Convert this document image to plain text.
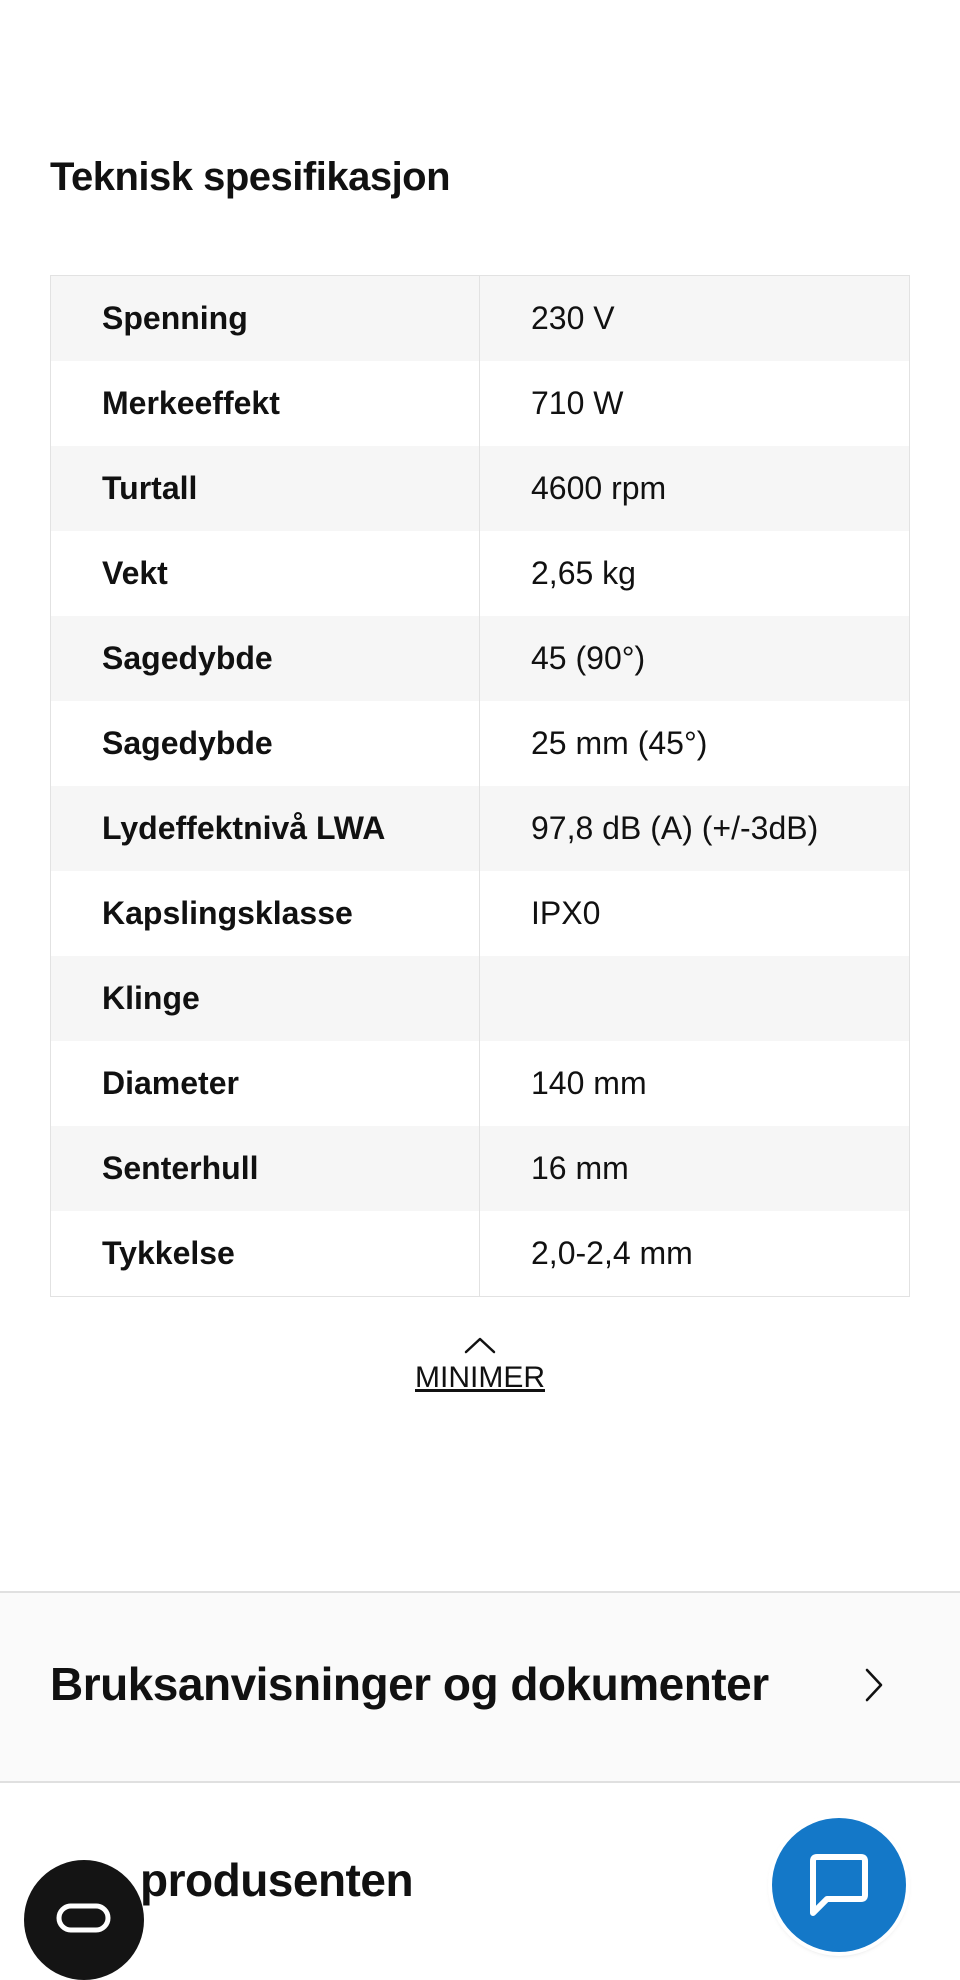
Teknisk spesifikasjon
Spenning	230 V
Merkeeffekt	710 W
Turtall	4600 rpm
Vekt	2,65 kg
Sagedybde	45 (90°)
Sagedybde	25 mm (45°)
Lydeffektnivå LWA	97,8 dB (A) (+/-3dB)
Kapslingsklasse	IPX0
Klinge
Diameter	140 mm
Senterhull	16 mm
Tykkelse	2,0-2,4 mm
MINIMER
Bruksanvisninger og dokumenter
produsenten
